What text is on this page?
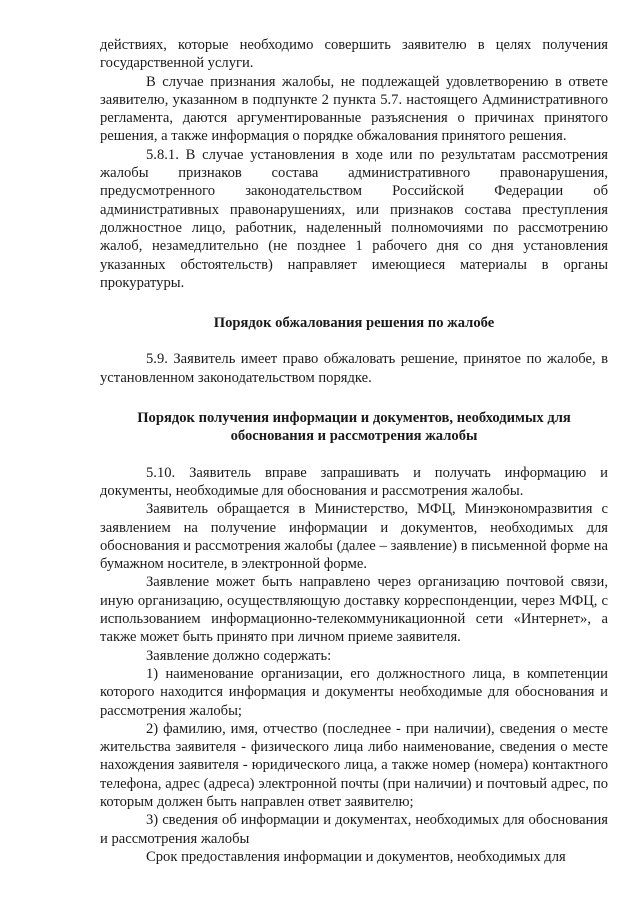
действиях, которые необходимо совершить заявителю в целях получения государственной услуги.

В случае признания жалобы, не подлежащей удовлетворению в ответе заявителю, указанном в подпункте 2 пункта 5.7. настоящего Административного регламента, даются аргументированные разъяснения о причинах принятого решения, а также информация о порядке обжалования принятого решения.

5.8.1. В случае установления в ходе или по результатам рассмотрения жалобы признаков состава административного правонарушения, предусмотренного законодательством Российской Федерации об административных правонарушениях, или признаков состава преступления должностное лицо, работник, наделенный полномочиями по рассмотрению жалоб, незамедлительно (не позднее 1 рабочего дня со дня установления указанных обстоятельств) направляет имеющиеся материалы в органы прокуратуры.

Порядок обжалования решения по жалобе

5.9. Заявитель имеет право обжаловать решение, принятое по жалобе, в установленном законодательством порядке.

Порядок получения информации и документов, необходимых для
обоснования и рассмотрения жалобы

5.10. Заявитель вправе запрашивать и получать информацию и документы, необходимые для обоснования и рассмотрения жалобы.

Заявитель обращается в Министерство, МФЦ, Минэкономразвития с заявлением на получение информации и документов, необходимых для обоснования и рассмотрения жалобы (далее – заявление) в письменной форме на бумажном носителе, в электронной форме.

Заявление может быть направлено через организацию почтовой связи, иную организацию, осуществляющую доставку корреспонденции, через МФЦ, с использованием информационно-телекоммуникационной сети «Интернет», а также может быть принято при личном приеме заявителя.

Заявление должно содержать:

1) наименование организации, его должностного лица, в компетенции которого находится информация и документы необходимые для обоснования и рассмотрения жалобы;

2) фамилию, имя, отчество (последнее - при наличии), сведения о месте жительства заявителя - физического лица либо наименование, сведения о месте нахождения заявителя - юридического лица, а также номер (номера) контактного телефона, адрес (адреса) электронной почты (при наличии) и почтовый адрес, по которым должен быть направлен ответ заявителю;

3) сведения об информации и документах, необходимых для обоснования и рассмотрения жалобы

Срок предоставления информации и документов, необходимых для
